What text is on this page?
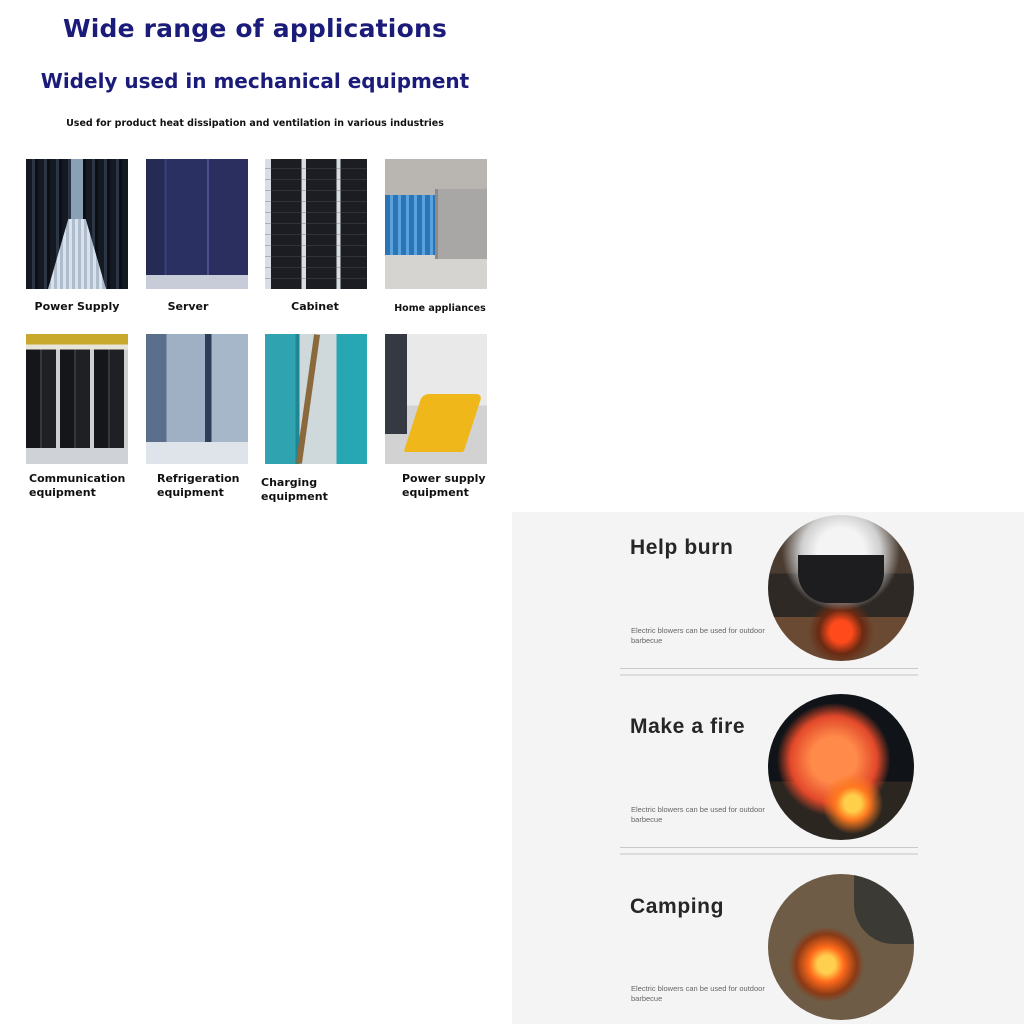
Wide range of applications
Widely used in mechanical equipment
Used for product heat dissipation and ventilation in various industries
Power Supply	Server	Cabinet	Home appliances
Communication equipment
Refrigeration equipment
Charging equipment
Power supply equipment
Help burn
Electric blowers can be used for outdoor barbecue
Make a fire
Electric blowers can be used for outdoor barbecue
Camping
Electric blowers can be used for outdoor barbecue
